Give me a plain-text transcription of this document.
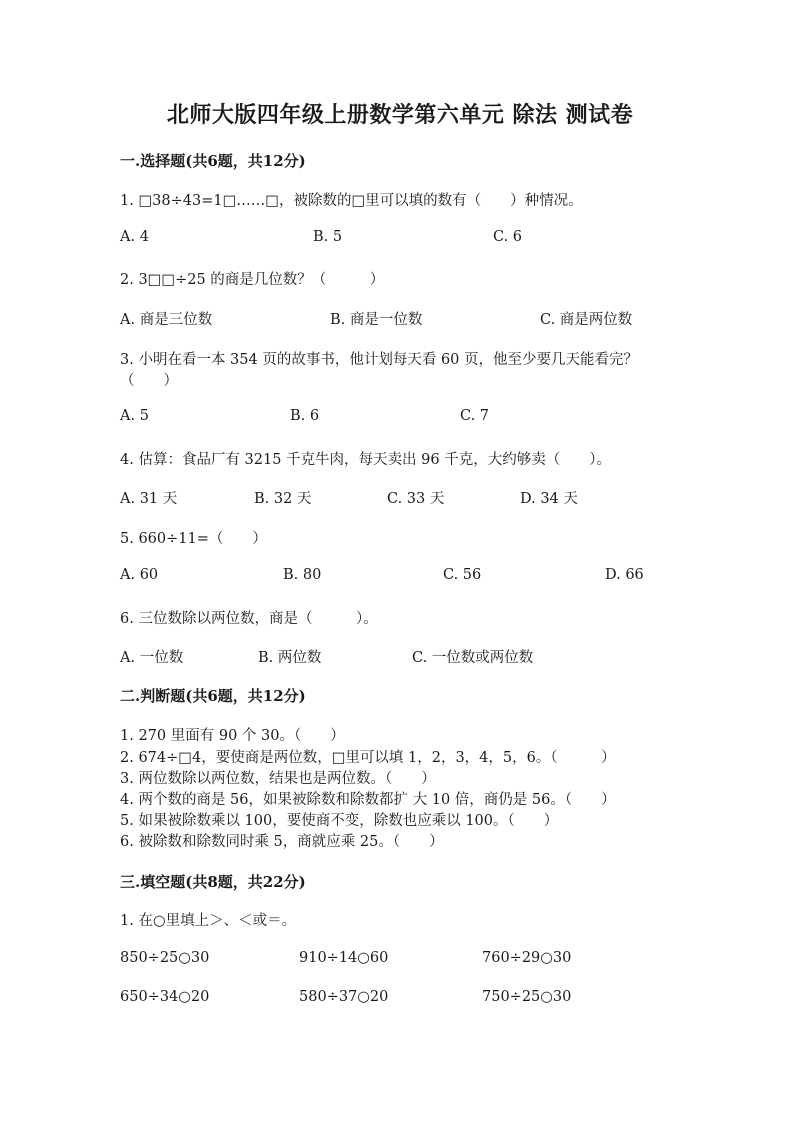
北师大版四年级上册数学第六单元 除法 测试卷
一.选择题(共6题，共12分)
1. □38÷43=1□……□，被除数的□里可以填的数有（　　）种情况。
A. 4	B. 5	C. 6
2. 3□□÷25 的商是几位数？（　　　）
A. 商是三位数	B. 商是一位数	C. 商是两位数
3. 小明在看一本 354 页的故事书，他计划每天看 60 页，他至少要几天能看完？
（　　）
A. 5	B. 6	C. 7
4. 估算：食品厂有 3215 千克牛肉，每天卖出 96 千克，大约够卖（　　）。
A. 31 天	B. 32 天	C. 33 天	D. 34 天
5. 660÷11=（　　）
A. 60	B. 80	C. 56	D. 66
6. 三位数除以两位数，商是（　　　）。
A. 一位数	B. 两位数	C. 一位数或两位数
二.判断题(共6题，共12分)
1. 270 里面有 90 个 30。（　　）
2. 674÷□4，要使商是两位数，□里可以填 1，2，3，4，5，6。（　　　）
3. 两位数除以两位数，结果也是两位数。（　　）
4. 两个数的商是 56，如果被除数和除数都扩 大 10 倍，商仍是 56。（　　）
5. 如果被除数乘以 100，要使商不变，除数也应乘以 100。（　　）
6. 被除数和除数同时乘 5，商就应乘 25。（　　）
三.填空题(共8题，共22分)
1. 在○里填上＞、＜或＝。
850÷25○30	910÷14○60	760÷29○30
650÷34○20	580÷37○20	750÷25○30
